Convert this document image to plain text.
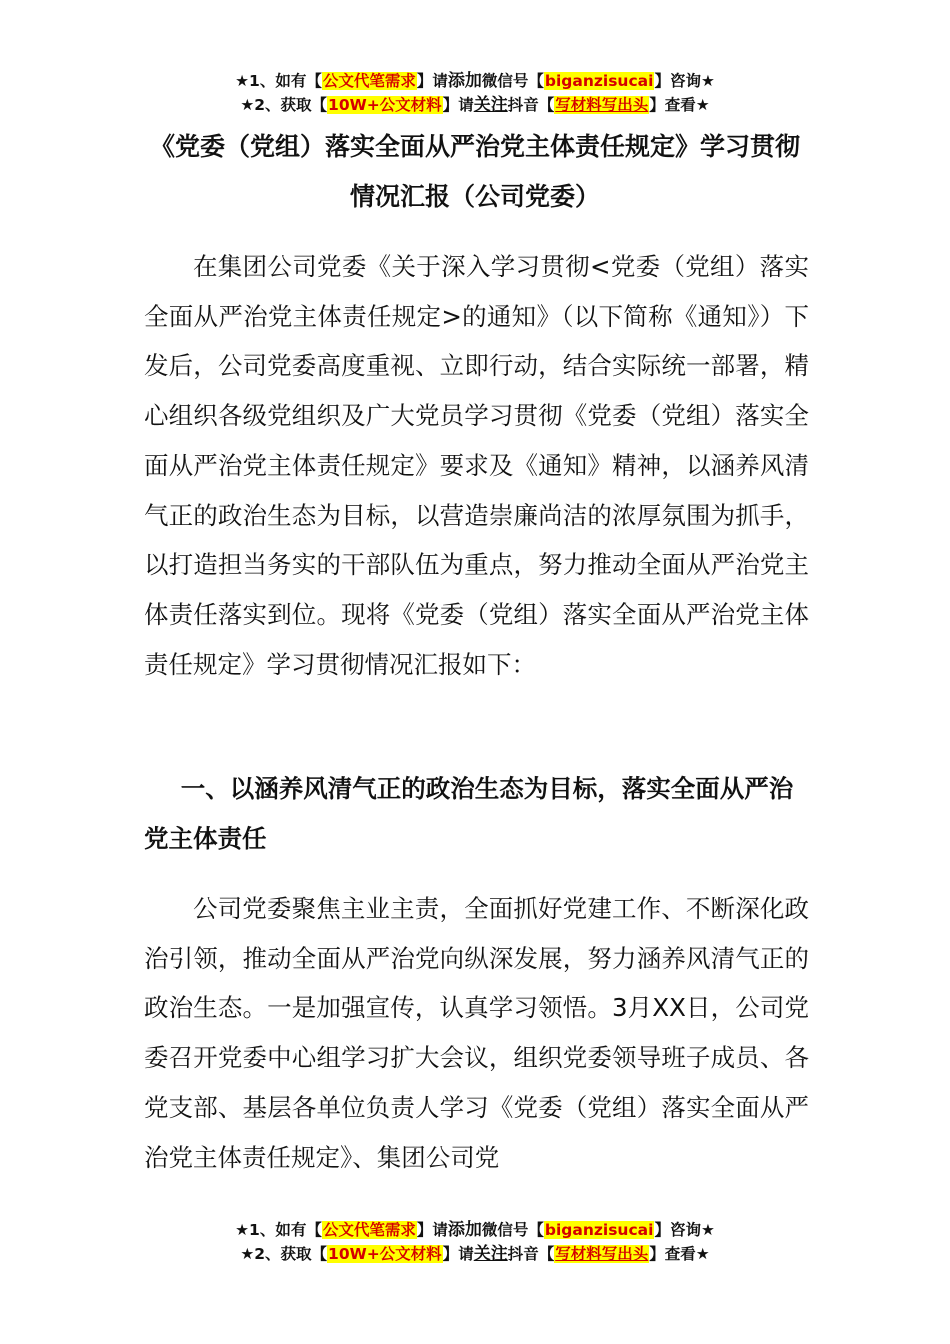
★1、如有【公文代笔需求】请添加微信号【biganzisucai】咨询★
★2、获取【10W+公文材料】请关注抖音【写材料写出头】查看★
《党委（党组）落实全面从严治党主体责任规定》学习贯彻情况汇报（公司党委）

在集团公司党委《关于深入学习贯彻<党委（党组）落实全面从严治党主体责任规定>的通知》（以下简称《通知》）下发后，公司党委高度重视、立即行动，结合实际统一部署，精心组织各级党组织及广大党员学习贯彻《党委（党组）落实全面从严治党主体责任规定》要求及《通知》精神，以涵养风清气正的政治生态为目标，以营造崇廉尚洁的浓厚氛围为抓手，以打造担当务实的干部队伍为重点，努力推动全面从严治党主体责任落实到位。现将《党委（党组）落实全面从严治党主体责任规定》学习贯彻情况汇报如下：

一、以涵养风清气正的政治生态为目标，落实全面从严治党主体责任

公司党委聚焦主业主责，全面抓好党建工作、不断深化政治引领，推动全面从严治党向纵深发展，努力涵养风清气正的政治生态。一是加强宣传，认真学习领悟。3月XX日，公司党委召开党委中心组学习扩大会议，组织党委领导班子成员、各党支部、基层各单位负责人学习《党委（党组）落实全面从严治党主体责任规定》、集团公司党

★1、如有【公文代笔需求】请添加微信号【biganzisucai】咨询★
★2、获取【10W+公文材料】请关注抖音【写材料写出头】查看★
